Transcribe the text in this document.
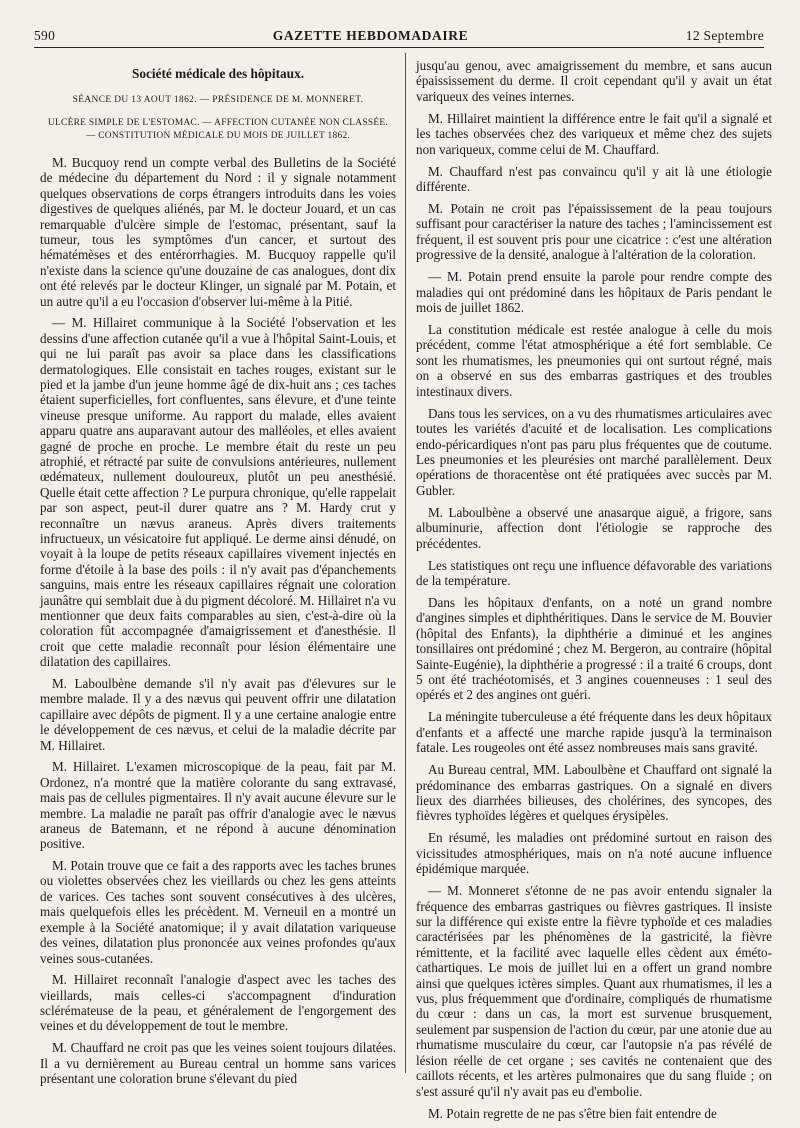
590	GAZETTE HEBDOMADAIRE	12 Septembre
Société médicale des hôpitaux.
SÉANCE DU 13 AOUT 1862. — PRÉSIDENCE DE M. MONNERET.
ULCÈRE SIMPLE DE L'ESTOMAC. — AFFECTION CUTANÉE NON CLASSÉE.
— CONSTITUTION MÉDICALE DU MOIS DE JUILLET 1862.

M. Bucquoy rend un compte verbal des Bulletins de la Société de médecine du département du Nord : il y signale notamment quelques observations de corps étrangers introduits dans les voies digestives de quelques aliénés, par M. le docteur Jouard, et un cas remarquable d'ulcère simple de l'estomac, présentant, sauf la tumeur, tous les symptômes d'un cancer, et surtout des hématémèses et des entérorrhagies. M. Bucquoy rappelle qu'il n'existe dans la science qu'une douzaine de cas analogues, dont dix ont été relevés par le docteur Klinger, un signalé par M. Potain, et un autre qu'il a eu l'occasion d'observer lui-même à la Pitié.

— M. Hillairet communique à la Société l'observation et les dessins d'une affection cutanée qu'il a vue à l'hôpital Saint-Louis, et qui ne lui paraît pas avoir sa place dans les classifications dermatologiques. Elle consistait en taches rouges, existant sur le pied et la jambe d'un jeune homme âgé de dix-huit ans ; ces taches étaient superficielles, fort confluentes, sans élevure, et d'une teinte vineuse presque uniforme. Au rapport du malade, elles avaient apparu quatre ans auparavant autour des malléoles, et elles avaient gagné de proche en proche. Le membre était du reste un peu atrophié, et rétracté par suite de convulsions antérieures, nullement œdémateux, nullement douloureux, plutôt un peu anesthésié. Quelle était cette affection ? Le purpura chronique, qu'elle rappelait par son aspect, peut-il durer quatre ans ? M. Hardy crut y reconnaître un nævus araneus. Après divers traitements infructueux, un vésicatoire fut appliqué. Le derme ainsi dénudé, on voyait à la loupe de petits réseaux capillaires vivement injectés en forme d'étoile à la base des poils : il n'y avait pas d'épanchements sanguins, mais entre les réseaux capillaires régnait une coloration jaunâtre qui semblait due à du pigment décoloré. M. Hillairet n'a vu mentionner que deux faits comparables au sien, c'est-à-dire où la coloration fût accompagnée d'amaigrissement et d'anesthésie. Il croit que cette maladie reconnaît pour lésion élémentaire une dilatation des capillaires.

M. Laboulbène demande s'il n'y avait pas d'élevures sur le membre malade. Il y a des nævus qui peuvent offrir une dilatation capillaire avec dépôts de pigment. Il y a une certaine analogie entre le développement de ces nævus, et celui de la maladie décrite par M. Hillairet.

M. Hillairet. L'examen microscopique de la peau, fait par M. Ordonez, n'a montré que la matière colorante du sang extravasé, mais pas de cellules pigmentaires. Il n'y avait aucune élevure sur le membre. La maladie ne paraît pas offrir d'analogie avec le nævus araneus de Batemann, et ne répond à aucune dénomination positive.

M. Potain trouve que ce fait a des rapports avec les taches brunes ou violettes observées chez les vieillards ou chez les gens atteints de varices. Ces taches sont souvent consécutives à des ulcères, mais quelquefois elles les précèdent. M. Verneuil en a montré un exemple à la Société anatomique; il y avait dilatation variqueuse des veines, dilatation plus prononcée aux veines profondes qu'aux veines sous-cutanées.

M. Hillairet reconnaît l'analogie d'aspect avec les taches des vieillards, mais celles-ci s'accompagnent d'induration sclérémateuse de la peau, et généralement de l'engorgement des veines et du développement de tout le membre.

M. Chauffard ne croit pas que les veines soient toujours dilatées. Il a vu dernièrement au Bureau central un homme sans varices présentant une coloration brune s'élevant du pied

jusqu'au genou, avec amaigrissement du membre, et sans aucun épaississement du derme. Il croit cependant qu'il y avait un état variqueux des veines internes.

M. Hillairet maintient la différence entre le fait qu'il a signalé et les taches observées chez des variqueux et même chez des sujets non variqueux, comme celui de M. Chauffard.

M. Chauffard n'est pas convaincu qu'il y ait là une étiologie différente.

M. Potain ne croit pas l'épaississement de la peau toujours suffisant pour caractériser la nature des taches ; l'amincissement est fréquent, il est souvent pris pour une cicatrice : c'est une altération progressive de la densité, analogue à l'altération de la coloration.

— M. Potain prend ensuite la parole pour rendre compte des maladies qui ont prédominé dans les hôpitaux de Paris pendant le mois de juillet 1862.

La constitution médicale est restée analogue à celle du mois précédent, comme l'état atmosphérique a été fort semblable. Ce sont les rhumatismes, les pneumonies qui ont surtout régné, mais on a observé en sus des embarras gastriques et des troubles intestinaux divers.

Dans tous les services, on a vu des rhumatismes articulaires avec toutes les variétés d'acuité et de localisation. Les complications endo-péricardiques n'ont pas paru plus fréquentes que de coutume. Les pneumonies et les pleurésies ont marché parallèlement. Deux opérations de thoracentèse ont été pratiquées avec succès par M. Gubler.

M. Laboulbène a observé une anasarque aiguë, a frigore, sans albuminurie, affection dont l'étiologie se rapproche des précédentes.

Les statistiques ont reçu une influence défavorable des variations de la température.

Dans les hôpitaux d'enfants, on a noté un grand nombre d'angines simples et diphthéritiques. Dans le service de M. Bouvier (hôpital des Enfants), la diphthérie a diminué et les angines tonsillaires ont prédominé ; chez M. Bergeron, au contraire (hôpital Sainte-Eugénie), la diphthérie a progressé : il a traité 6 croups, dont 5 ont été trachéotomisés, et 3 angines couenneuses : 1 seul des opérés et 2 des angines ont guéri.

La méningite tuberculeuse a été fréquente dans les deux hôpitaux d'enfants et a affecté une marche rapide jusqu'à la terminaison fatale. Les rougeoles ont été assez nombreuses mais sans gravité.

Au Bureau central, MM. Laboulbène et Chauffard ont signalé la prédominance des embarras gastriques. On a signalé en divers lieux des diarrhées bilieuses, des cholérines, des syncopes, des fièvres typhoïdes légères et quelques érysipèles.

En résumé, les maladies ont prédominé surtout en raison des vicissitudes atmosphériques, mais on n'a noté aucune influence épidémique marquée.

— M. Monneret s'étonne de ne pas avoir entendu signaler la fréquence des embarras gastriques ou fièvres gastriques. Il insiste sur la différence qui existe entre la fièvre typhoïde et ces maladies caractérisées par les phénomènes de la gastricité, la fièvre rémittente, et la facilité avec laquelle elles cèdent aux éméto-cathartiques. Le mois de juillet lui en a offert un grand nombre ainsi que quelques ictères simples. Quant aux rhumatismes, il les a vus, plus fréquemment que d'ordinaire, compliqués de rhumatisme du cœur : dans un cas, la mort est survenue brusquement, seulement par suspension de l'action du cœur, par une atonie due au rhumatisme musculaire du cœur, car l'autopsie n'a pas révélé de lésion réelle de cet organe ; ses cavités ne contenaient que des caillots récents, et les artères pulmonaires que du sang fluide ; on s'est assuré qu'il n'y avait pas eu d'embolie.

M. Potain regrette de ne pas s'être bien fait entendre de
